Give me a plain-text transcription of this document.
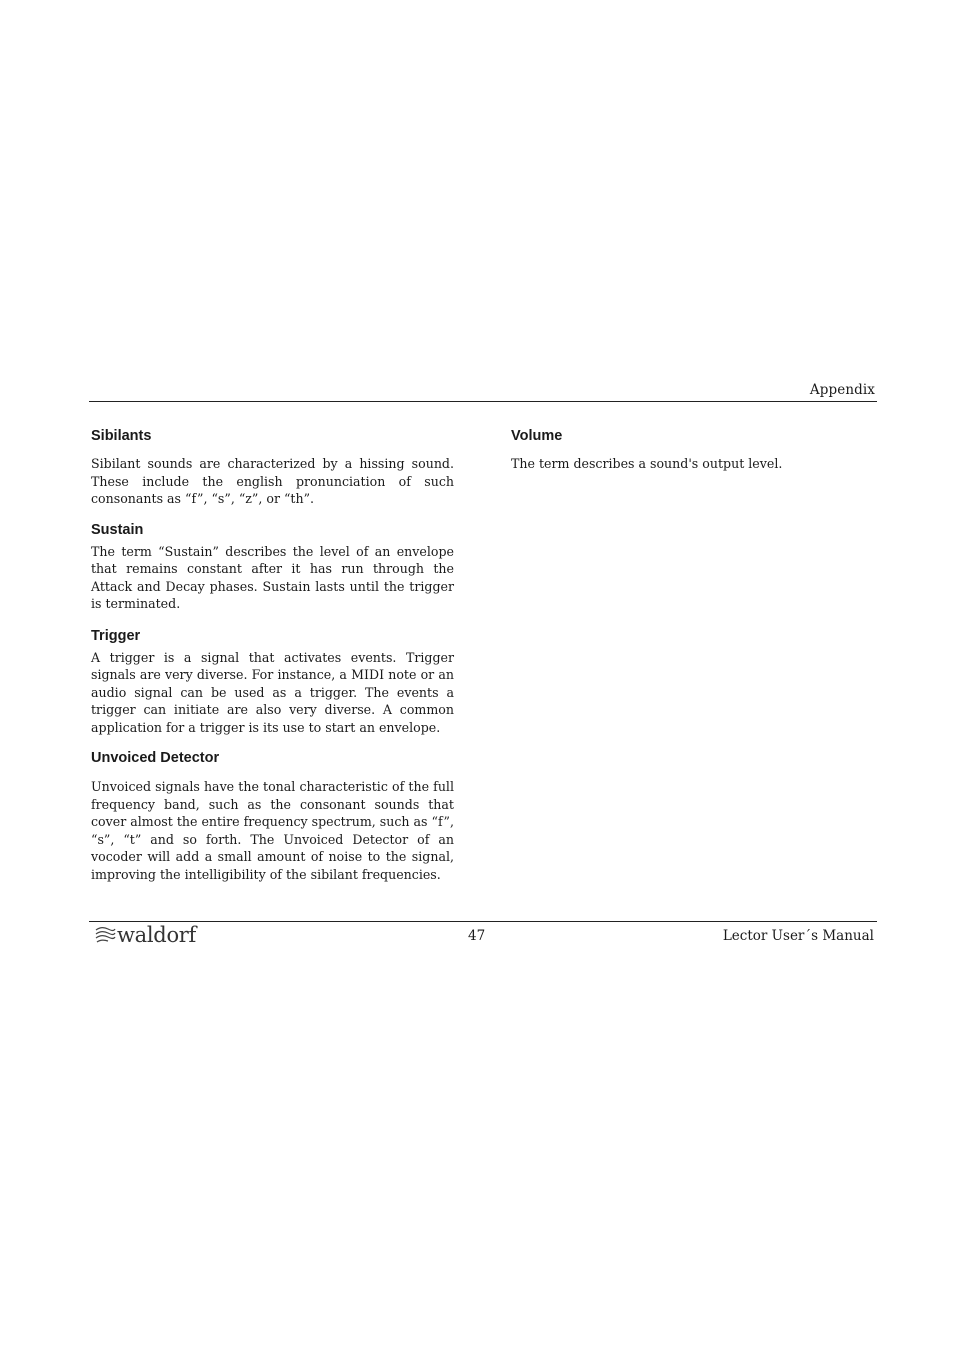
Appendix
Sibilants

Sibilant sounds are characterized by a hissing sound. These include the english pronunciation of such consonants as “f”, “s”, “z”, or “th”.

Sustain

The term “Sustain” describes the level of an envelope that remains constant after it has run through the Attack and Decay phases. Sustain lasts until the trigger is terminated.

Trigger

A trigger is a signal that activates events. Trigger signals are very diverse. For instance, a MIDI note or an audio signal can be used as a trigger. The events a trigger can initiate are also very diverse. A common application for a trigger is its use to start an envelope.

Unvoiced Detector

Unvoiced signals have the tonal characteristic of the full frequency band, such as the consonant sounds that cover almost the entire frequency spectrum, such as “f”, “s”, “t” and so forth. The Unvoiced Detector of an vocoder will add a small amount of noise to the signal, improving the intelligibility of the sibilant frequencies.

Volume

The term describes a sound's output level.

waldorf	47	Lector User´s Manual
